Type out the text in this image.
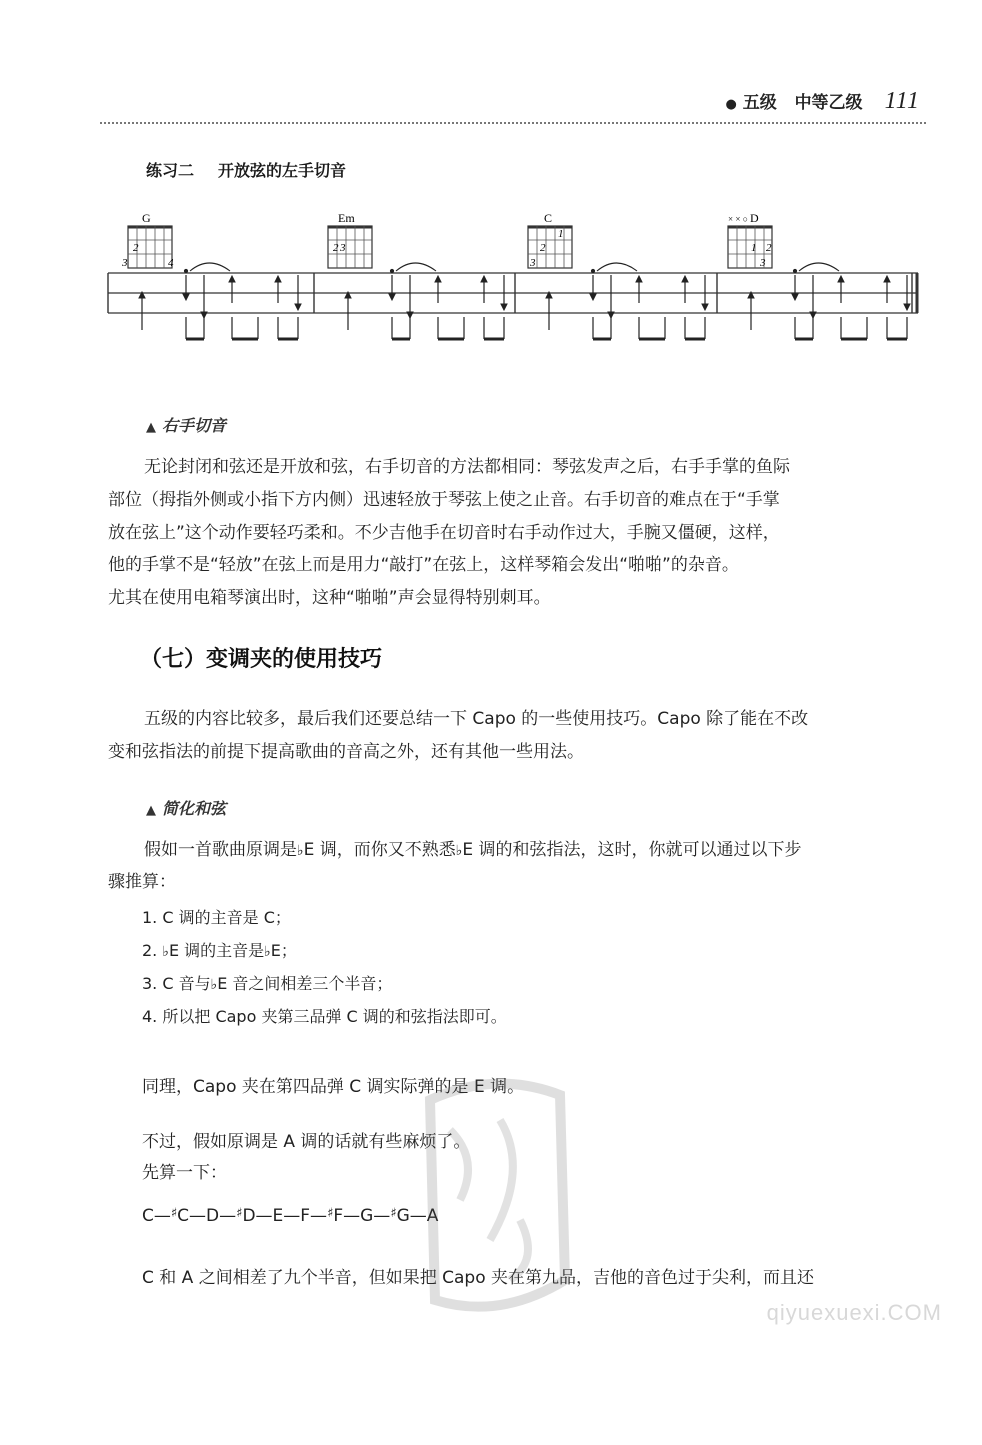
● 五级 中等乙级 111
练习二 开放弦的左手切音
G
2
3	4
Em
2 3
C
1
2
3
× × ○ D
1 2
3
▲ 右手切音
无论封闭和弦还是开放和弦，右手切音的方法都相同：琴弦发声之后，右手手掌的鱼际
部位（拇指外侧或小指下方内侧）迅速轻放于琴弦上使之止音。右手切音的难点在于“手掌
放在弦上”这个动作要轻巧柔和。不少吉他手在切音时右手动作过大，手腕又僵硬，这样，
他的手掌不是“轻放”在弦上而是用力“敲打”在弦上，这样琴箱会发出“啪啪”的杂音。
尤其在使用电箱琴演出时，这种“啪啪”声会显得特别刺耳。
（七）变调夹的使用技巧
五级的内容比较多，最后我们还要总结一下 Capo 的一些使用技巧。Capo 除了能在不改
变和弦指法的前提下提高歌曲的音高之外，还有其他一些用法。
▲ 简化和弦
假如一首歌曲原调是♭E 调，而你又不熟悉♭E 调的和弦指法，这时，你就可以通过以下步
骤推算：
1. C 调的主音是 C；
2. ♭E 调的主音是♭E；
3. C 音与♭E 音之间相差三个半音；
4. 所以把 Capo 夹第三品弹 C 调的和弦指法即可。
同理，Capo 夹在第四品弹 C 调实际弹的是 E 调。
不过，假如原调是 A 调的话就有些麻烦了。
先算一下：
C—♯C—D—♯D—E—F—♯F—G—♯G—A
C 和 A 之间相差了九个半音，但如果把 Capo 夹在第九品，吉他的音色过于尖利，而且还
qiyuexuexi.COM
